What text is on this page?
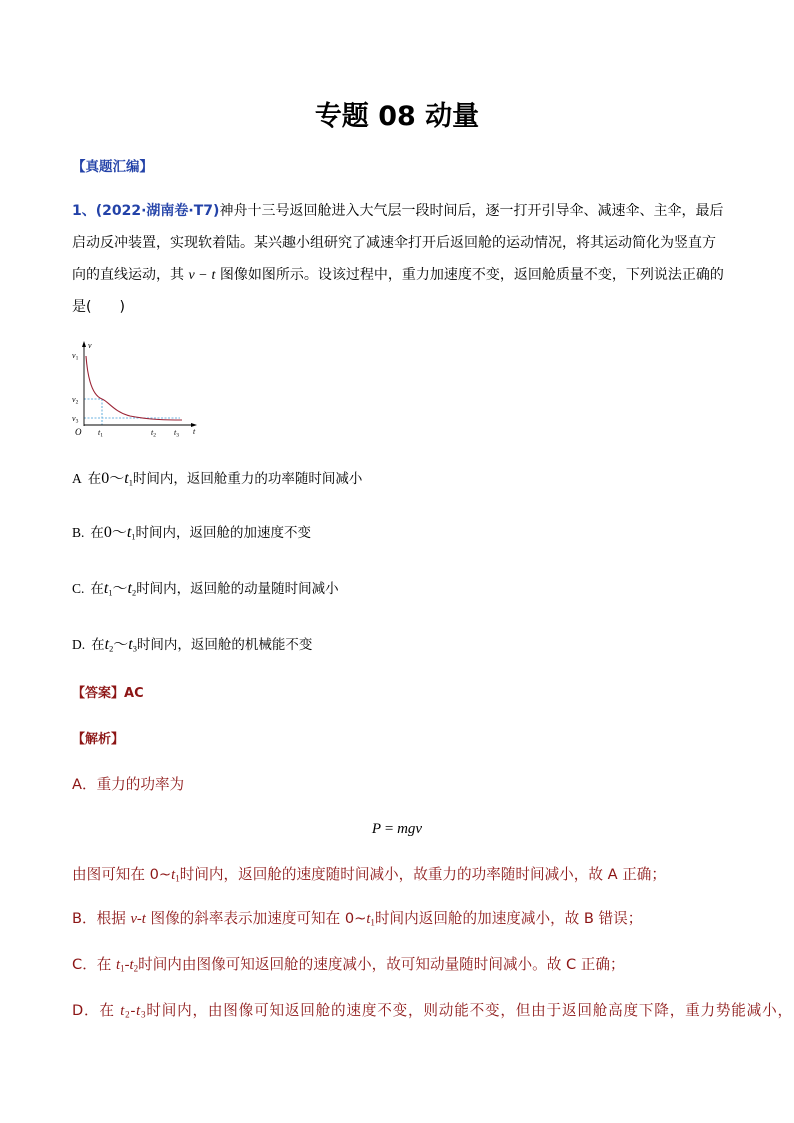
专题 08 动量
【真题汇编】
1、(2022·湖南卷·T7)神舟十三号返回舱进入大气层一段时间后，逐一打开引导伞、减速伞、主伞，最后
启动反冲装置，实现软着陆。某兴趣小组研究了减速伞打开后返回舱的运动情况，将其运动简化为竖直方
向的直线运动，其 v − t 图像如图所示。设该过程中，重力加速度不变，返回舱质量不变，下列说法正确的
是(　　)
v
v1
v2
v3
O t1	t2 t3 t
A 在$0\sim t_1$时间内，返回舱重力的功率随时间减小
B. 在$0\sim t_1$时间内，返回舱的加速度不变
C. 在$t_1\sim t_2$时间内，返回舱的动量随时间减小
D. 在$t_2\sim t_3$时间内，返回舱的机械能不变
【答案】AC
【解析】
A．重力的功率为
P = mgv
由图可知在 $0\sim t_1$时间内，返回舱的速度随时间减小，故重力的功率随时间减小，故 A 正确；
B．根据 v-t 图像的斜率表示加速度可知在 $0\sim t_1$时间内返回舱的加速度减小，故 B 错误；
C．在 $t_1-t_2$时间内由图像可知返回舱的速度减小，故可知动量随时间减小。故 C 正确；
D．在 $t_2-t_3$时间内，由图像可知返回舱的速度不变，则动能不变，但由于返回舱高度下降，重力势能减小，
